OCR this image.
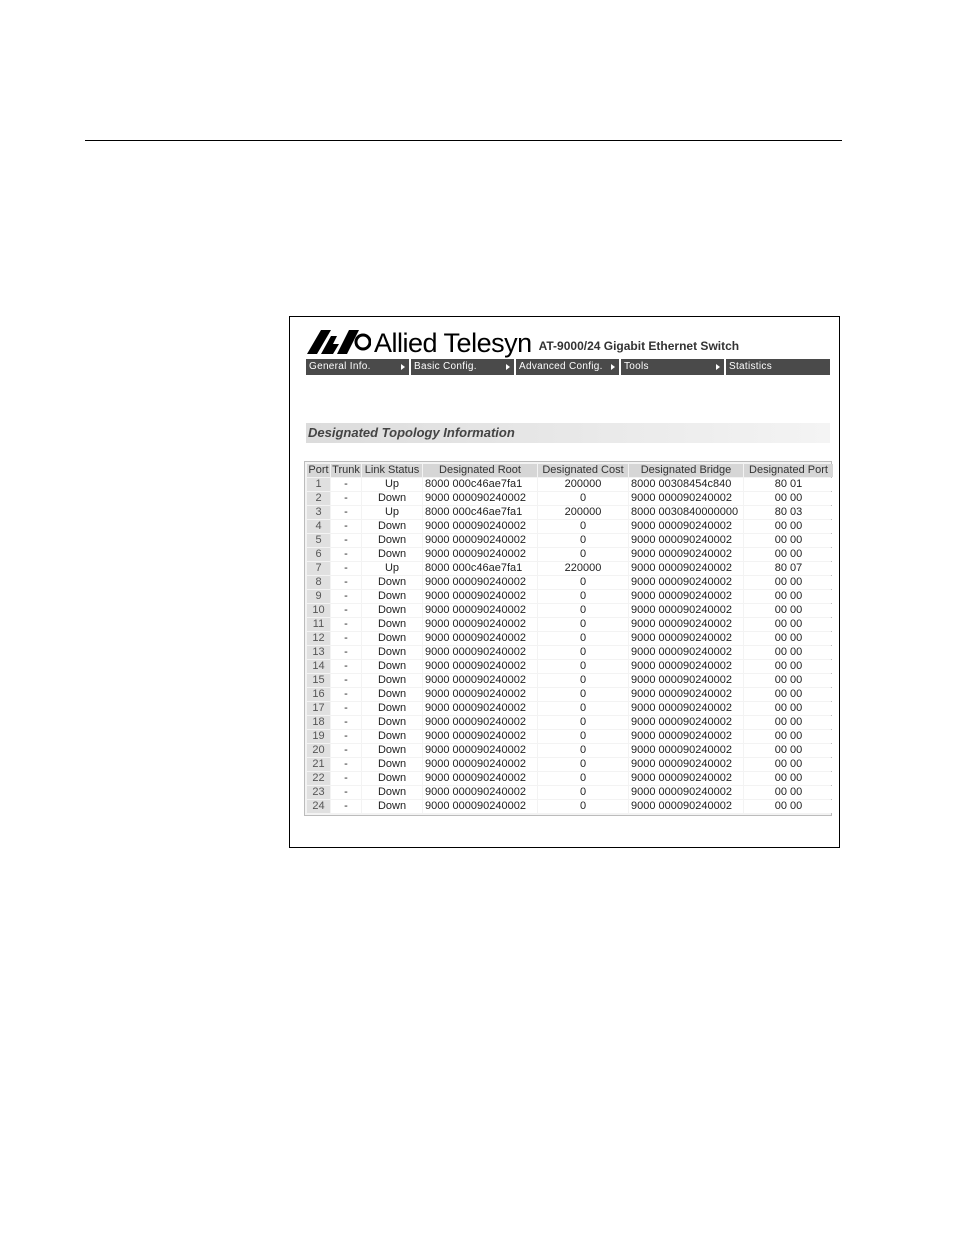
Allied Telesyn AT-9000/24 Gigabit Ethernet Switch
General Info.	Basic Config.	Advanced Config.	Tools	Statistics
Designated Topology Information
Port	Trunk	Link Status	Designated Root	Designated Cost	Designated Bridge	Designated Port
1	-	Up	8000 000c46ae7fa1	200000	8000 00308454c840	80 01
2	-	Down	9000 000090240002	0	9000 000090240002	00 00
3	-	Up	8000 000c46ae7fa1	200000	8000 0030840000000	80 03
4	-	Down	9000 000090240002	0	9000 000090240002	00 00
5	-	Down	9000 000090240002	0	9000 000090240002	00 00
6	-	Down	9000 000090240002	0	9000 000090240002	00 00
7	-	Up	8000 000c46ae7fa1	220000	9000 000090240002	80 07
8	-	Down	9000 000090240002	0	9000 000090240002	00 00
9	-	Down	9000 000090240002	0	9000 000090240002	00 00
10	-	Down	9000 000090240002	0	9000 000090240002	00 00
11	-	Down	9000 000090240002	0	9000 000090240002	00 00
12	-	Down	9000 000090240002	0	9000 000090240002	00 00
13	-	Down	9000 000090240002	0	9000 000090240002	00 00
14	-	Down	9000 000090240002	0	9000 000090240002	00 00
15	-	Down	9000 000090240002	0	9000 000090240002	00 00
16	-	Down	9000 000090240002	0	9000 000090240002	00 00
17	-	Down	9000 000090240002	0	9000 000090240002	00 00
18	-	Down	9000 000090240002	0	9000 000090240002	00 00
19	-	Down	9000 000090240002	0	9000 000090240002	00 00
20	-	Down	9000 000090240002	0	9000 000090240002	00 00
21	-	Down	9000 000090240002	0	9000 000090240002	00 00
22	-	Down	9000 000090240002	0	9000 000090240002	00 00
23	-	Down	9000 000090240002	0	9000 000090240002	00 00
24	-	Down	9000 000090240002	0	9000 000090240002	00 00
